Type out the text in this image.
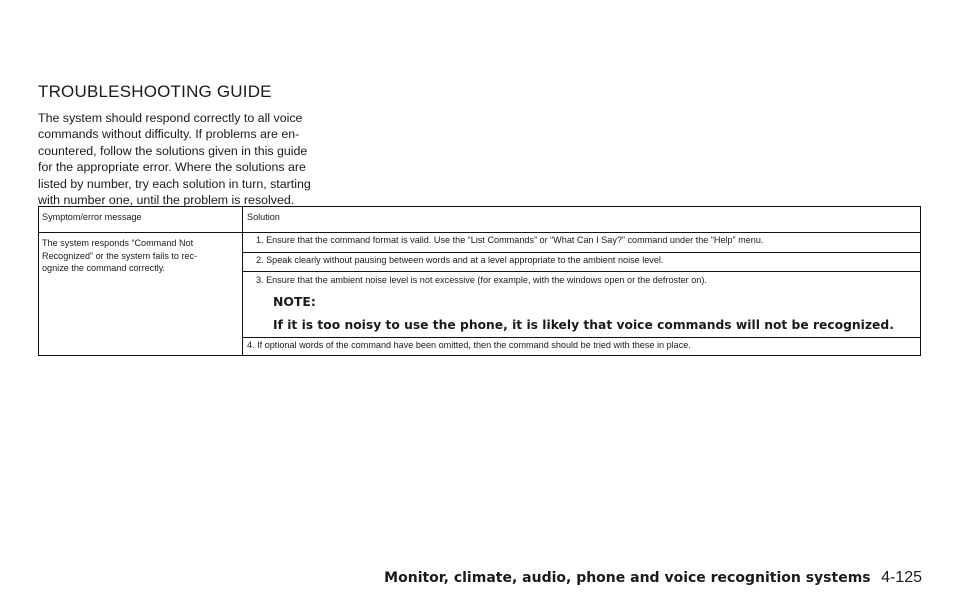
TROUBLESHOOTING GUIDE
The system should respond correctly to all voice
commands without difficulty. If problems are en-
countered, follow the solutions given in this guide
for the appropriate error. Where the solutions are
listed by number, try each solution in turn, starting
with number one, until the problem is resolved.
Symptom/error message	Solution

The system responds “Command Not
Recognized” or the system fails to rec-
ognize the command correctly.	1. Ensure that the command format is valid. Use the “List Commands” or “What Can I Say?” command under the “Help” menu.
	2. Speak clearly without pausing between words and at a level appropriate to the ambient noise level.
	3. Ensure that the ambient noise level is not excessive (for example, with the windows open or the defroster on).
NOTE:
If it is too noisy to use the phone, it is likely that voice commands will not be recognized.

	4. If optional words of the command have been omitted, then the command should be tried with these in place.
Monitor, climate, audio, phone and voice recognition systems 4-125
